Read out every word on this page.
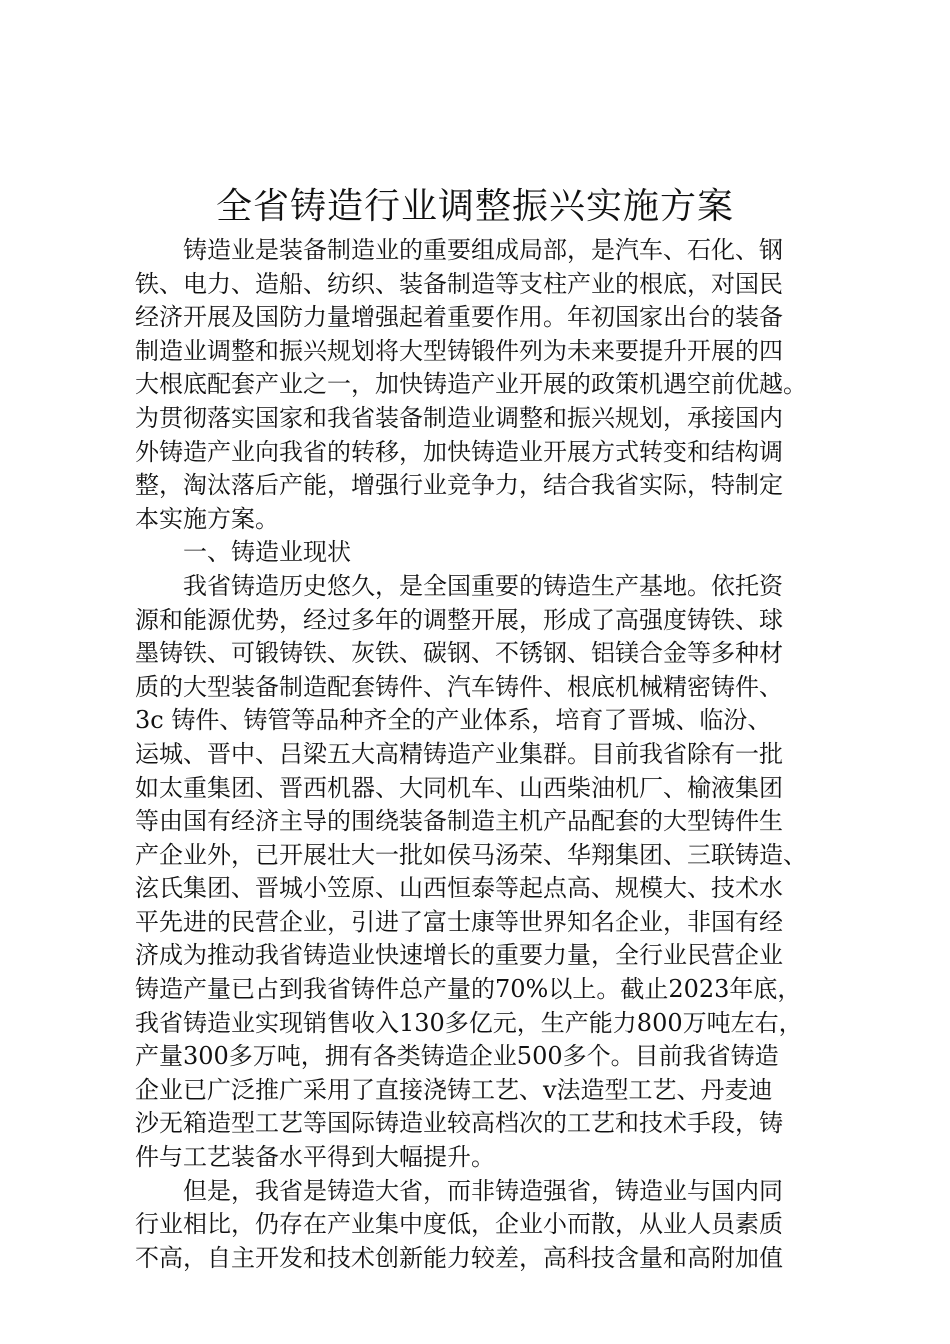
全省铸造行业调整振兴实施方案
　　铸造业是装备制造业的重要组成局部，是汽车、石化、钢
铁、电力、造船、纺织、装备制造等支柱产业的根底，对国民
经济开展及国防力量增强起着重要作用。年初国家出台的装备
制造业调整和振兴规划将大型铸锻件列为未来要提升开展的四
大根底配套产业之一，加快铸造产业开展的政策机遇空前优越。
为贯彻落实国家和我省装备制造业调整和振兴规划，承接国内
外铸造产业向我省的转移，加快铸造业开展方式转变和结构调
整，淘汰落后产能，增强行业竞争力，结合我省实际，特制定
本实施方案。
　　一、铸造业现状
　　我省铸造历史悠久，是全国重要的铸造生产基地。依托资
源和能源优势，经过多年的调整开展，形成了高强度铸铁、球
墨铸铁、可锻铸铁、灰铁、碳钢、不锈钢、铝镁合金等多种材
质的大型装备制造配套铸件、汽车铸件、根底机械精密铸件、
3c 铸件、铸管等品种齐全的产业体系，培育了晋城、临汾、
运城、晋中、吕梁五大高精铸造产业集群。目前我省除有一批
如太重集团、晋西机器、大同机车、山西柴油机厂、榆液集团
等由国有经济主导的围绕装备制造主机产品配套的大型铸件生
产企业外，已开展壮大一批如侯马汤荣、华翔集团、三联铸造、
泫氏集团、晋城小笠原、山西恒泰等起点高、规模大、技术水
平先进的民营企业，引进了富士康等世界知名企业，非国有经
济成为推动我省铸造业快速增长的重要力量，全行业民营企业
铸造产量已占到我省铸件总产量的70%以上。截止2023年底，
我省铸造业实现销售收入130多亿元，生产能力800万吨左右，
产量300多万吨，拥有各类铸造企业500多个。目前我省铸造
企业已广泛推广采用了直接浇铸工艺、v法造型工艺、丹麦迪
沙无箱造型工艺等国际铸造业较高档次的工艺和技术手段，铸
件与工艺装备水平得到大幅提升。
　　但是，我省是铸造大省，而非铸造强省，铸造业与国内同
行业相比，仍存在产业集中度低，企业小而散，从业人员素质
不高，自主开发和技术创新能力较差，高科技含量和高附加值
